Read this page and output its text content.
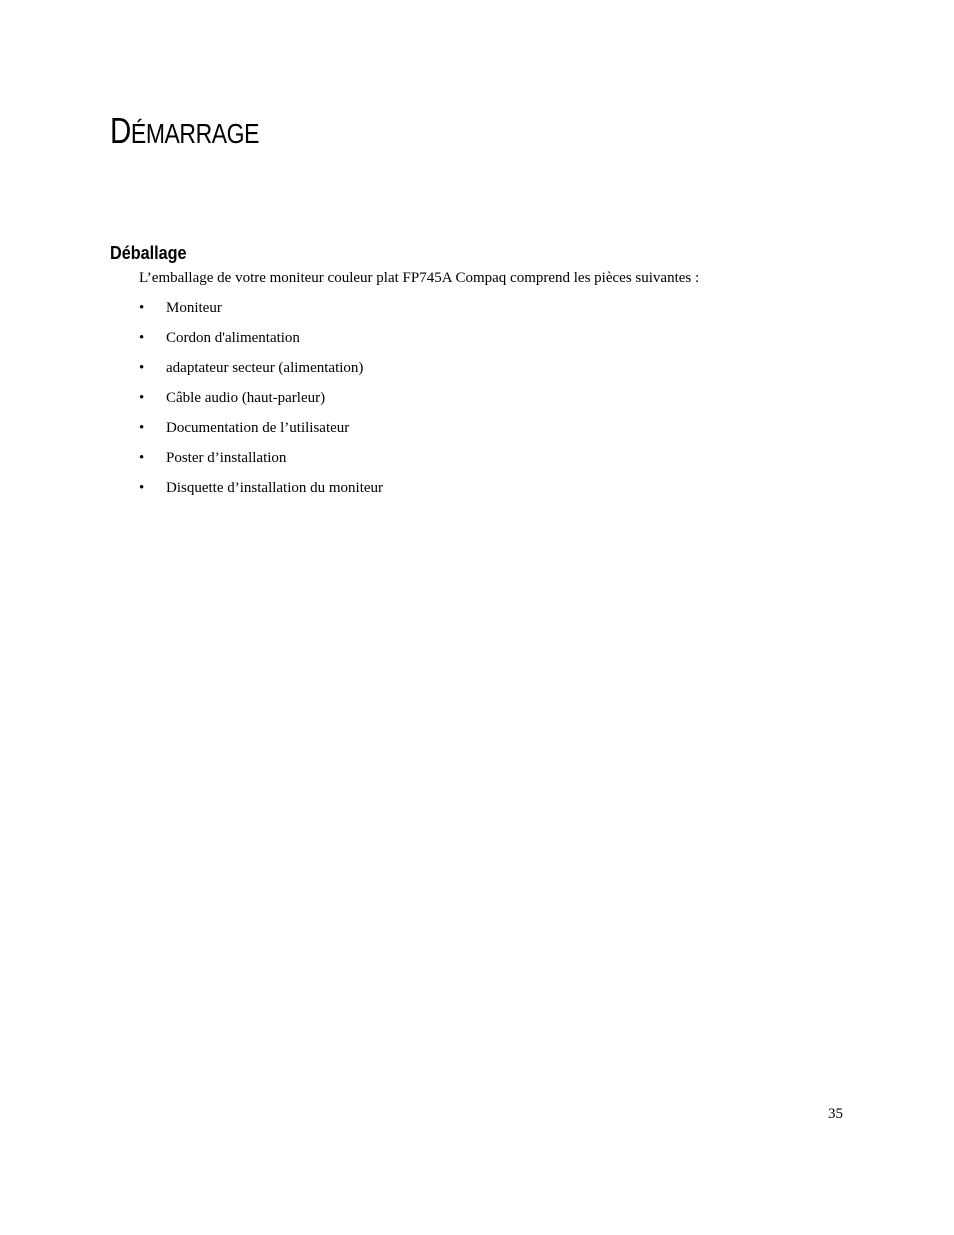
DÉMARRAGE
Déballage

L’emballage de votre moniteur couleur plat FP745A Compaq comprend les pièces suivantes :

•	Moniteur
•	Cordon d'alimentation
•	adaptateur secteur (alimentation)
•	Câble audio (haut-parleur)
•	Documentation de l’utilisateur
•	Poster d’installation
•	Disquette d’installation du moniteur

35
